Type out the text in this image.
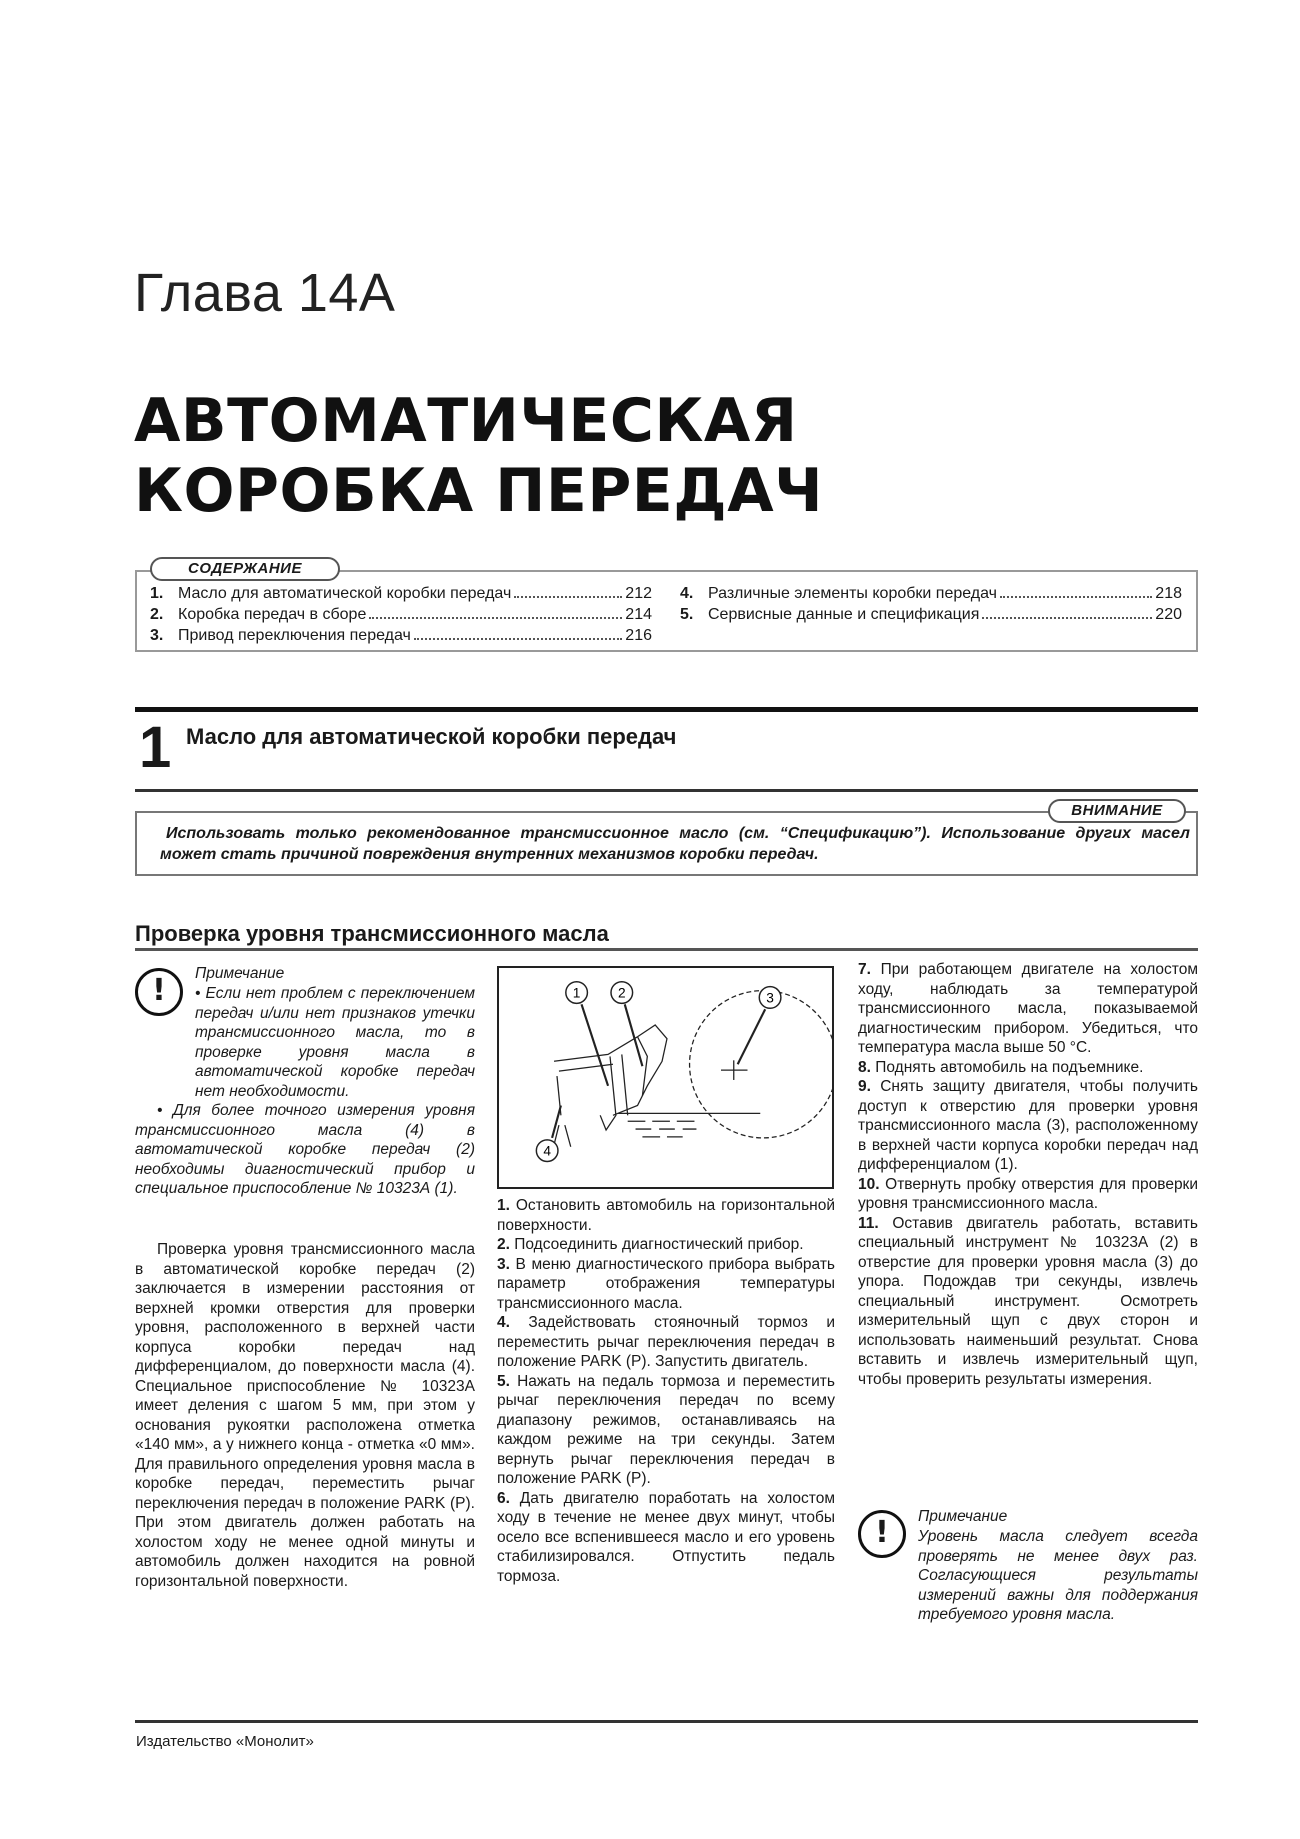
Глава 14А
АВТОМАТИЧЕСКАЯ
КОРОБКА ПЕРЕДАЧ
СОДЕРЖАНИЕ
1. Масло для автоматической коробки передач	212
2. Коробка передач в сборе	214
3. Привод переключения передач	216
4. Различные элементы коробки передач	218
5. Сервисные данные и спецификация	220
1 Масло для автоматической коробки передач
ВНИМАНИЕ
Использовать только рекомендованное трансмиссионное масло (см. “Спецификацию”). Использование других масел может стать причиной повреждения внутренних механизмов коробки передач.
Проверка уровня трансмиссионного масла
!	Примечание

• Если нет проблем с переключением передач и/или нет признаков утечки трансмиссионного масла, то в проверке уровня масла в автоматической коробке передач нет необходимости.

• Для более точного измерения уровня трансмиссионного масла (4) в автоматической коробке передач (2) необходимы диагностический прибор и специальное приспособление № 10323А (1).

Проверка уровня трансмиссионного масла в автоматической коробке передач (2) заключается в измерении расстояния от верхней кромки отверстия для проверки уровня, расположенного в верхней части корпуса коробки передач над дифференциалом, до поверхности масла (4). Специальное приспособление № 10323А имеет деления с шагом 5 мм, при этом у основания рукоятки расположена отметка «140 мм», а у нижнего конца - отметка «0 мм». Для правильного определения уровня масла в коробке передач, переместить рычаг переключения передач в положение PARK (P). При этом двигатель должен работать на холостом ходу не менее одной минуты и автомобиль должен находится на ровной горизонтальной поверхности.
1	2	3
4

1. Остановить автомобиль на горизонтальной поверхности.

2. Подсоединить диагностический прибор.

3. В меню диагностического прибора выбрать параметр отображения температуры трансмиссионного масла.

4. Задействовать стояночный тормоз и переместить рычаг переключения передач в положение PARK (P). Запустить двигатель.

5. Нажать на педаль тормоза и переместить рычаг переключения передач по всему диапазону режимов, останавливаясь на каждом режиме на три секунды. Затем вернуть рычаг переключения передач в положение PARK (P).

6. Дать двигателю поработать на холостом ходу в течение не менее двух минут, чтобы осело все вспенившееся масло и его уровень стабилизировался. Отпустить педаль тормоза.

7. При работающем двигателе на холостом ходу, наблюдать за температурой трансмиссионного масла, показываемой диагностическим прибором. Убедиться, что температура масла выше 50 °С.

8. Поднять автомобиль на подъемнике.

9. Снять защиту двигателя, чтобы получить доступ к отверстию для проверки уровня трансмиссионного масла (3), расположенному в верхней части корпуса коробки передач над дифференциалом (1).

10. Отвернуть пробку отверстия для проверки уровня трансмиссионного масла.

11. Оставив двигатель работать, вставить специальный инструмент № 10323А (2) в отверстие для проверки уровня масла (3) до упора. Подождав три секунды, извлечь специальный инструмент. Осмотреть измерительный щуп с двух сторон и использовать наименьший результат. Снова вставить и извлечь измерительный щуп, чтобы проверить результаты измерения.

!	Примечание

Уровень масла следует всегда проверять не менее двух раз. Согласующиеся результаты измерений важны для поддержания требуемого уровня масла.

Издательство «Монолит»
